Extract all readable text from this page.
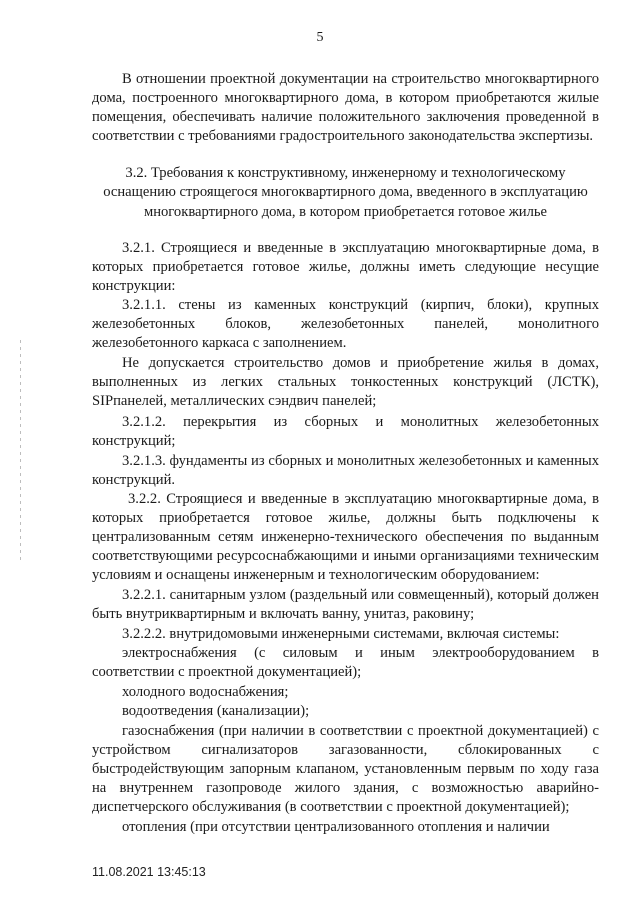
5

В отношении проектной документации на строительство многоквартирного дома, построенного многоквартирного дома, в котором приобретаются жилые помещения, обеспечивать наличие положительного заключения проведенной в соответствии с требованиями градостроительного законодательства экспертизы.

3.2. Требования к конструктивному, инженерному и технологическому оснащению строящегося многоквартирного дома, введенного в эксплуатацию многоквартирного дома, в котором приобретается готовое жилье

3.2.1. Строящиеся и введенные в эксплуатацию многоквартирные дома, в которых приобретается готовое жилье, должны иметь следующие несущие конструкции:

3.2.1.1. стены из каменных конструкций (кирпич, блоки), крупных железобетонных блоков, железобетонных панелей, монолитного железобетонного каркаса с заполнением.

Не допускается строительство домов и приобретение жилья в домах, выполненных из легких стальных тонкостенных конструкций (ЛСТК), SIPпанелей, металлических сэндвич панелей;

3.2.1.2. перекрытия из сборных и монолитных железобетонных конструкций;

3.2.1.3. фундаменты из сборных и монолитных железобетонных и каменных конструкций.

3.2.2. Строящиеся и введенные в эксплуатацию многоквартирные дома, в которых приобретается готовое жилье, должны быть подключены к централизованным сетям инженерно-технического обеспечения по выданным соответствующими ресурсоснабжающими и иными организациями техническим условиям и оснащены инженерным и технологическим оборудованием:

3.2.2.1. санитарным узлом (раздельный или совмещенный), который должен быть внутриквартирным и включать ванну, унитаз, раковину;

3.2.2.2. внутридомовыми инженерными системами, включая системы:

электроснабжения (с силовым и иным электрооборудованием в соответствии с проектной документацией);

холодного водоснабжения;

водоотведения (канализации);

газоснабжения (при наличии в соответствии с проектной документацией) с устройством сигнализаторов загазованности, сблокированных с быстродействующим запорным клапаном, установленным первым по ходу газа на внутреннем газопроводе жилого здания, с возможностью аварийно-диспетчерского обслуживания (в соответствии с проектной документацией);

отопления (при отсутствии централизованного отопления и наличии

11.08.2021 13:45:13
